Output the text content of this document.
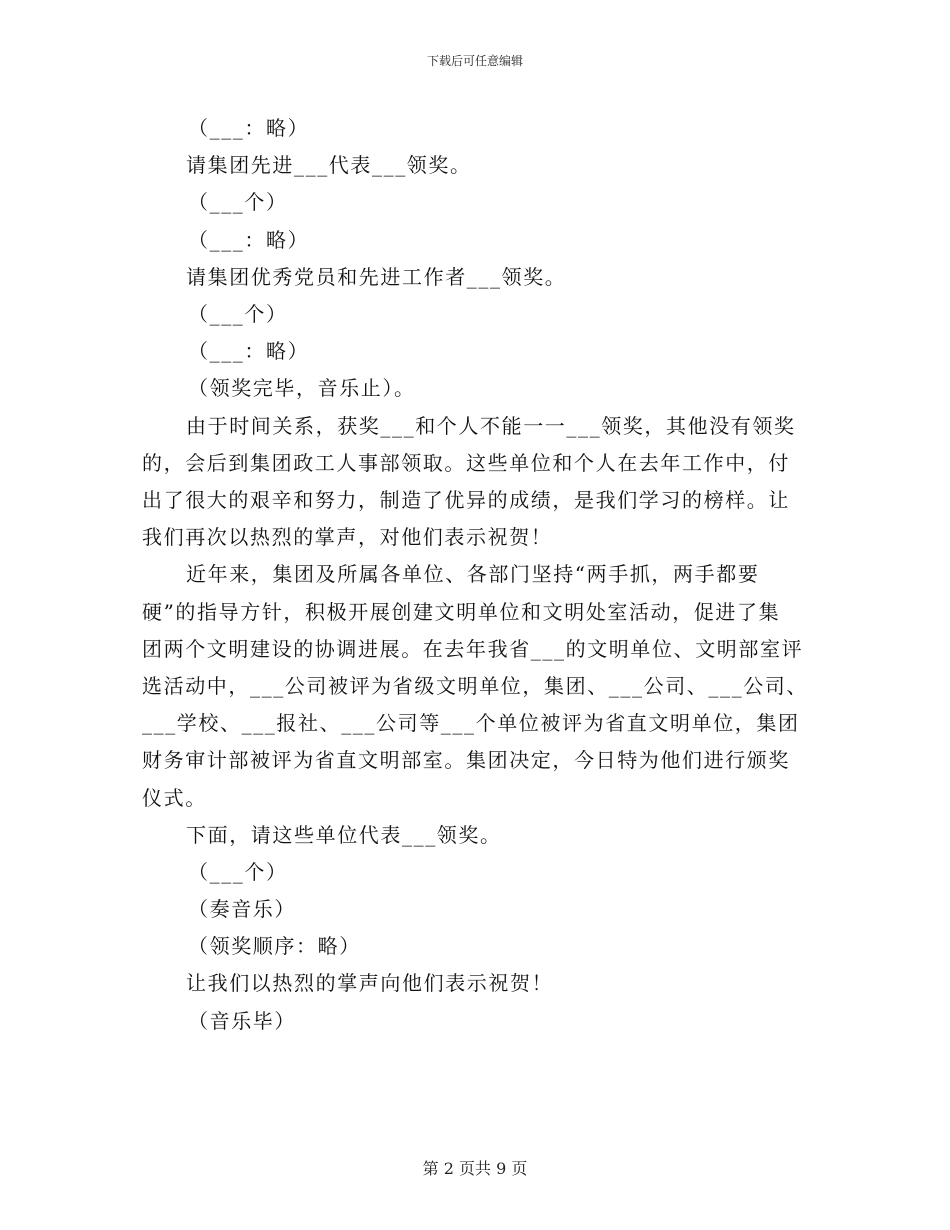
下载后可任意编辑
（___：略）
请集团先进___代表___领奖。
（___个）
（___：略）
请集团优秀党员和先进工作者___领奖。
（___个）
（___：略）
（领奖完毕，音乐止）。
由于时间关系，获奖___和个人不能一一___领奖，其他没有领奖
的，会后到集团政工人事部领取。这些单位和个人在去年工作中，付
出了很大的艰辛和努力，制造了优异的成绩，是我们学习的榜样。让
我们再次以热烈的掌声，对他们表示祝贺！
近年来，集团及所属各单位、各部门坚持“两手抓，两手都要
硬”的指导方针，积极开展创建文明单位和文明处室活动，促进了集
团两个文明建设的协调进展。在去年我省___的文明单位、文明部室评
选活动中，___公司被评为省级文明单位，集团、___公司、___公司、
___学校、___报社、___公司等___个单位被评为省直文明单位，集团
财务审计部被评为省直文明部室。集团决定，今日特为他们进行颁奖
仪式。
下面，请这些单位代表___领奖。
（___个）
（奏音乐）
（领奖顺序：略）
让我们以热烈的掌声向他们表示祝贺！
（音乐毕）
第 2 页共 9 页
